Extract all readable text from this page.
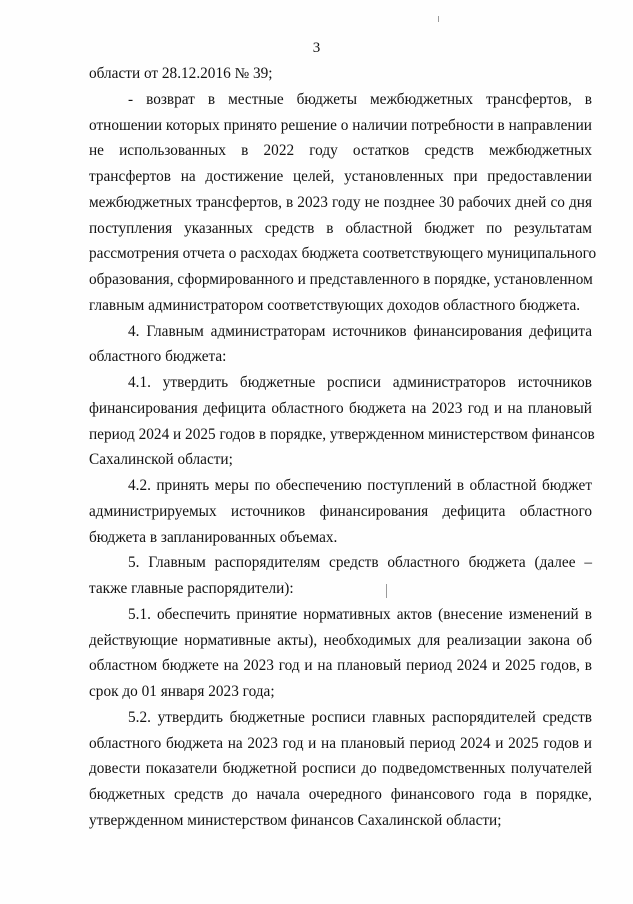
3
области от 28.12.2016 № 39;
- возврат в местные бюджеты межбюджетных трансфертов, в
отношении которых принято решение о наличии потребности в направлении
не использованных в 2022 году остатков средств межбюджетных
трансфертов на достижение целей, установленных при предоставлении
межбюджетных трансфертов, в 2023 году не позднее 30 рабочих дней со дня
поступления указанных средств в областной бюджет по результатам
рассмотрения отчета о расходах бюджета соответствующего муниципального
образования, сформированного и представленного в порядке, установленном
главным администратором соответствующих доходов областного бюджета.
4. Главным администраторам источников финансирования дефицита
областного бюджета:
4.1. утвердить бюджетные росписи администраторов источников
финансирования дефицита областного бюджета на 2023 год и на плановый
период 2024 и 2025 годов в порядке, утвержденном министерством финансов
Сахалинской области;
4.2. принять меры по обеспечению поступлений в областной бюджет
администрируемых источников финансирования дефицита областного
бюджета в запланированных объемах.
5. Главным распорядителям средств областного бюджета (далее –
также главные распорядители):
5.1. обеспечить принятие нормативных актов (внесение изменений в
действующие нормативные акты), необходимых для реализации закона об
областном бюджете на 2023 год и на плановый период 2024 и 2025 годов, в
срок до 01 января 2023 года;
5.2. утвердить бюджетные росписи главных распорядителей средств
областного бюджета на 2023 год и на плановый период 2024 и 2025 годов и
довести показатели бюджетной росписи до подведомственных получателей
бюджетных средств до начала очередного финансового года в порядке,
утвержденном министерством финансов Сахалинской области;
